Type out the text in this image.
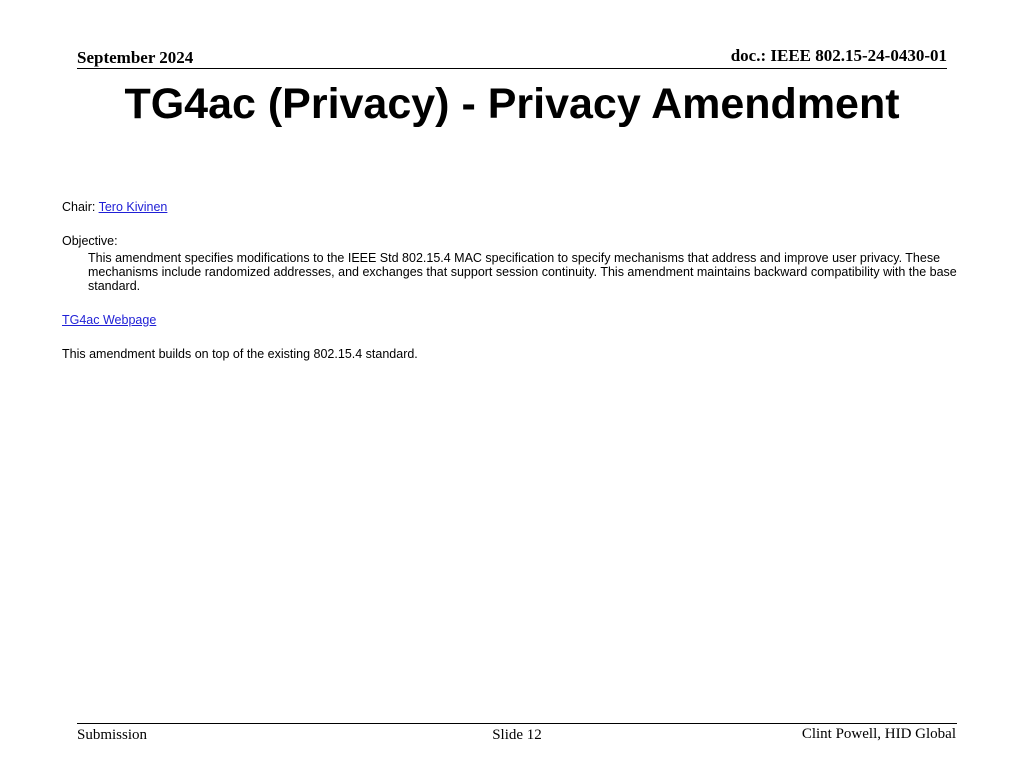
September 2024	doc.: IEEE 802.15-24-0430-01
TG4ac (Privacy) - Privacy Amendment
Chair: Tero Kivinen
Objective:
This amendment specifies modifications to the IEEE Std 802.15.4 MAC specification to specify mechanisms that address and improve user privacy. These mechanisms include randomized addresses, and exchanges that support session continuity. This amendment maintains backward compatibility with the base standard.
TG4ac Webpage
This amendment builds on top of the existing 802.15.4 standard.
Submission	Slide 12	Clint Powell, HID Global
